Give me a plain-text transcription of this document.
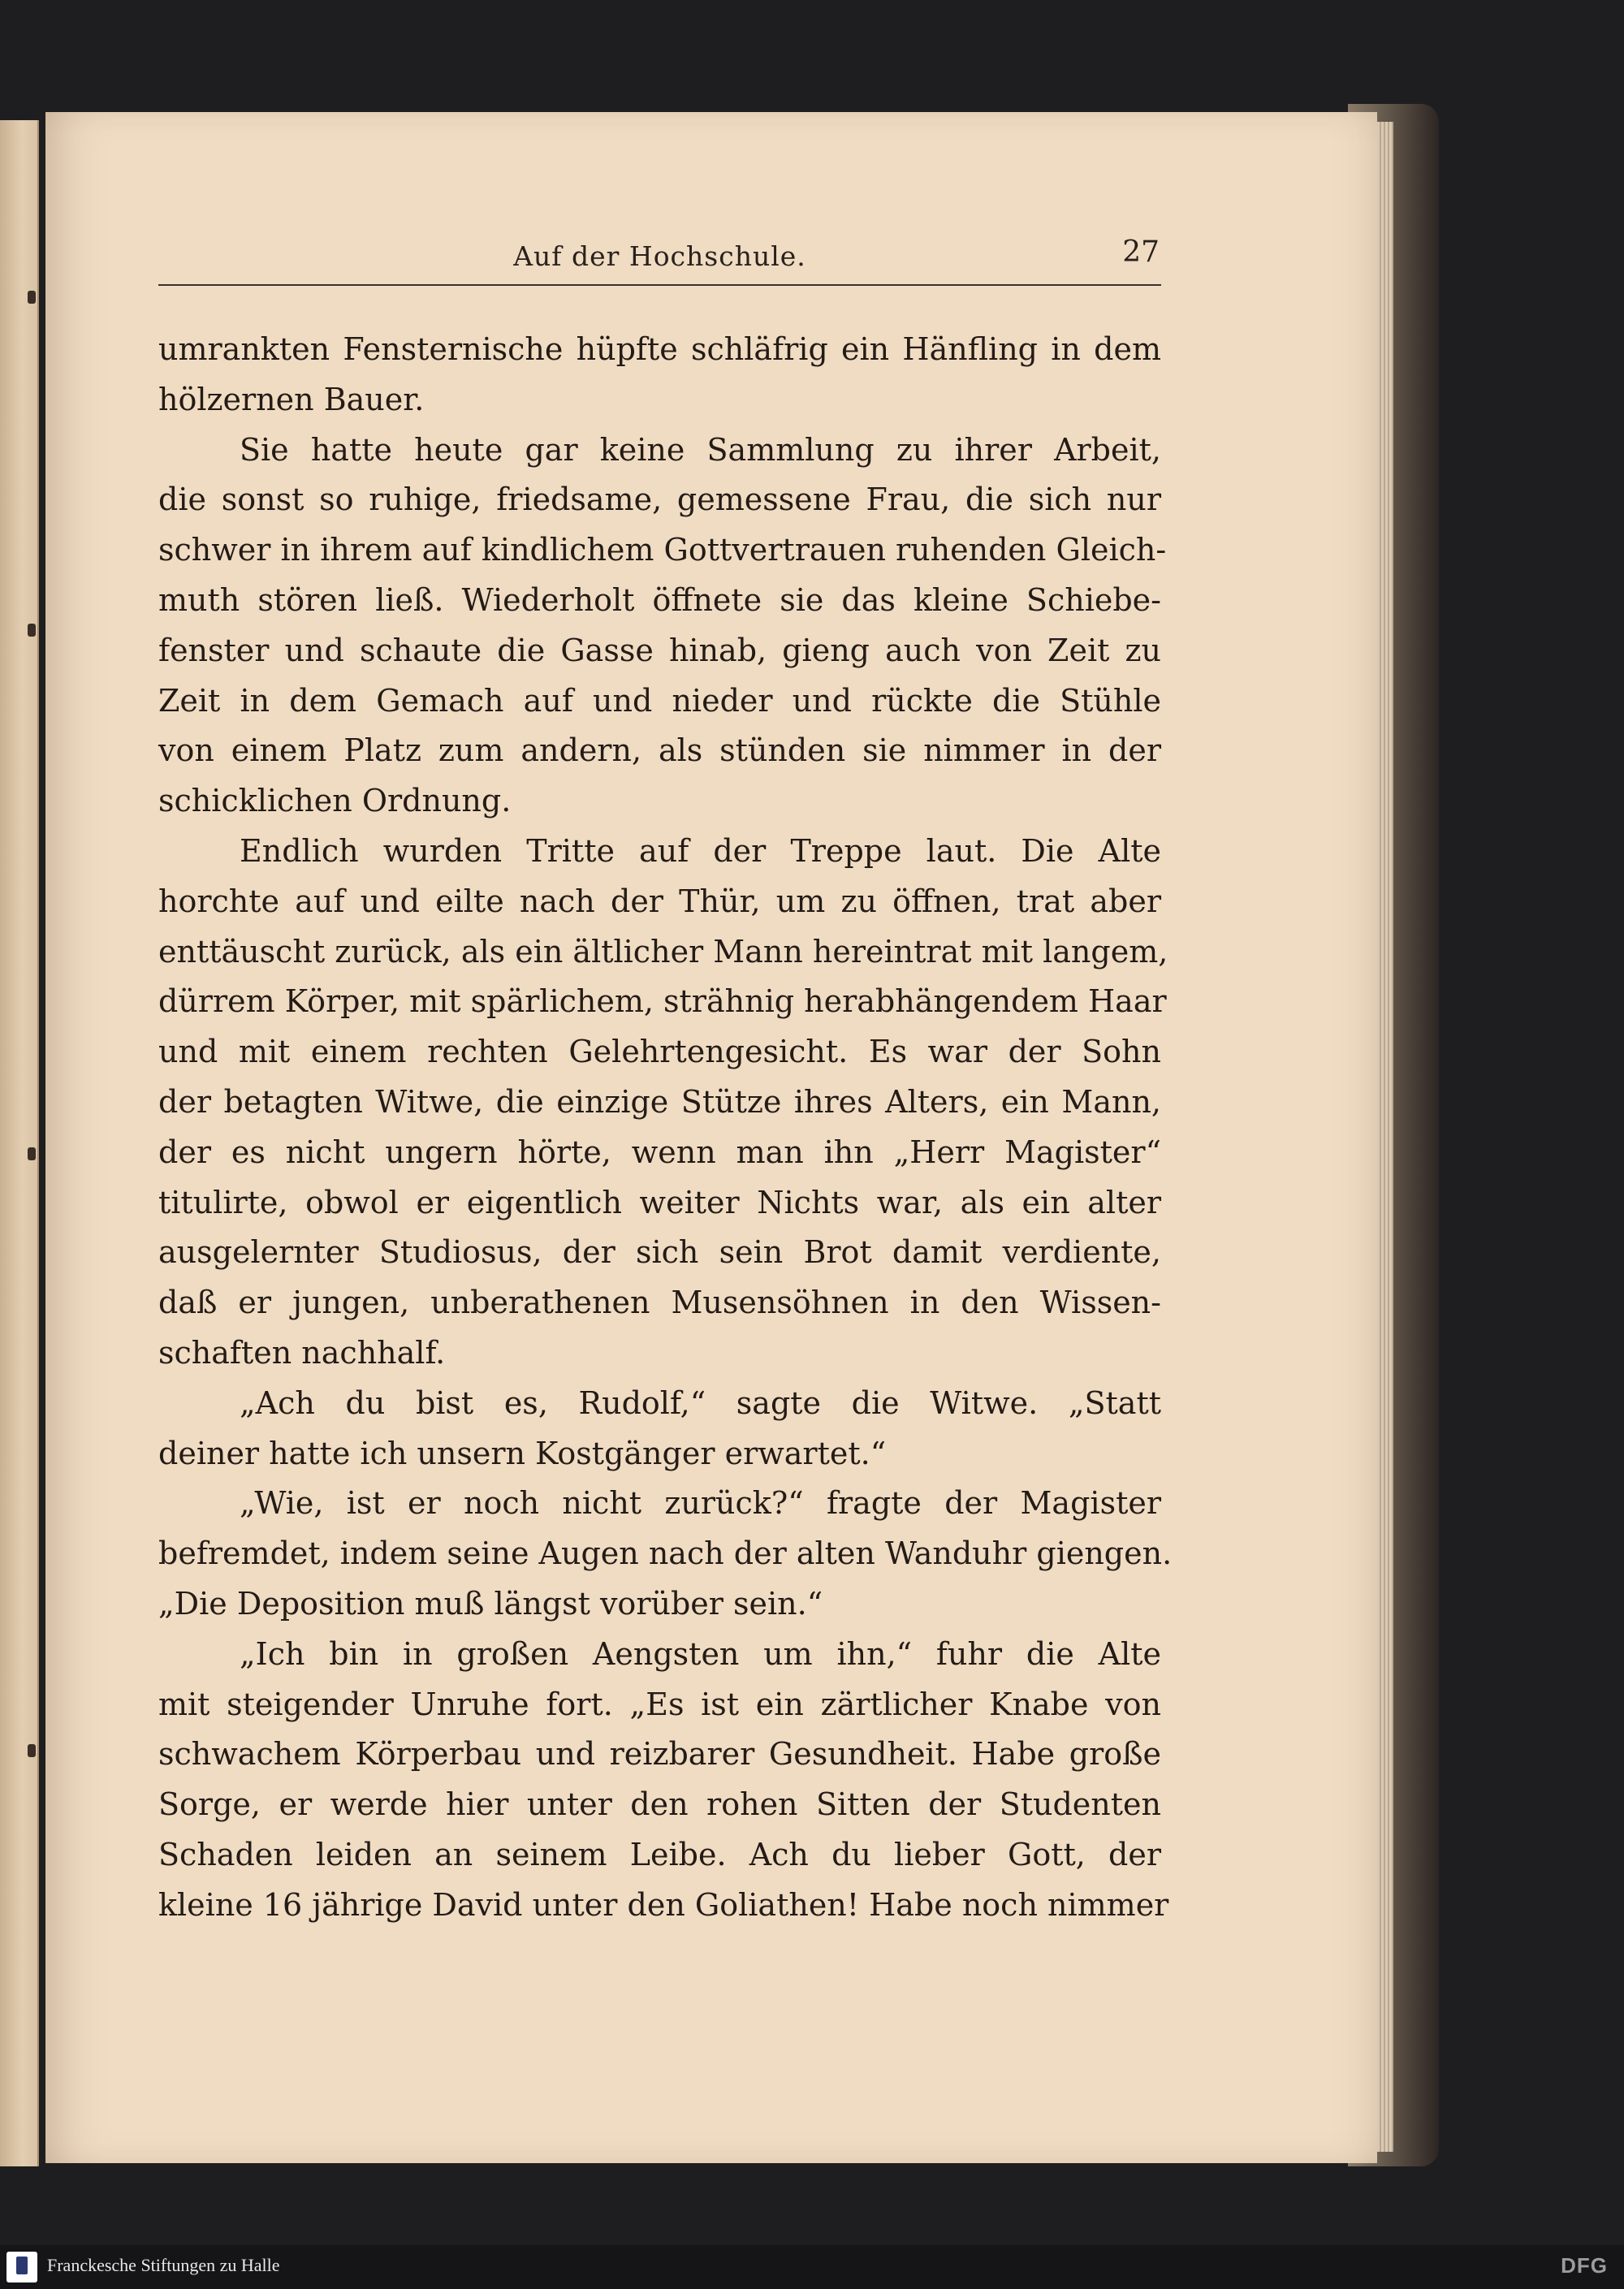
Auf der Hochschule.	27
umrankten Fensternische hüpfte schläfrig ein Hänfling in dem
hölzernen Bauer.
Sie hatte heute gar keine Sammlung zu ihrer Arbeit,
die sonst so ruhige, friedsame, gemessene Frau, die sich nur
schwer in ihrem auf kindlichem Gottvertrauen ruhenden Gleich-
muth stören ließ. Wiederholt öffnete sie das kleine Schiebe-
fenster und schaute die Gasse hinab, gieng auch von Zeit zu
Zeit in dem Gemach auf und nieder und rückte die Stühle
von einem Platz zum andern, als stünden sie nimmer in der
schicklichen Ordnung.
Endlich wurden Tritte auf der Treppe laut. Die Alte
horchte auf und eilte nach der Thür, um zu öffnen, trat aber
enttäuscht zurück, als ein ältlicher Mann hereintrat mit langem,
dürrem Körper, mit spärlichem, strähnig herabhängendem Haar
und mit einem rechten Gelehrtengesicht. Es war der Sohn
der betagten Witwe, die einzige Stütze ihres Alters, ein Mann,
der es nicht ungern hörte, wenn man ihn „Herr Magister“
titulirte, obwol er eigentlich weiter Nichts war, als ein alter
ausgelernter Studiosus, der sich sein Brot damit verdiente,
daß er jungen, unberathenen Musensöhnen in den Wissen-
schaften nachhalf.
„Ach du bist es, Rudolf,“ sagte die Witwe. „Statt
deiner hatte ich unsern Kostgänger erwartet.“
„Wie, ist er noch nicht zurück?“ fragte der Magister
befremdet, indem seine Augen nach der alten Wanduhr giengen.
„Die Deposition muß längst vorüber sein.“
„Ich bin in großen Aengsten um ihn,“ fuhr die Alte
mit steigender Unruhe fort. „Es ist ein zärtlicher Knabe von
schwachem Körperbau und reizbarer Gesundheit. Habe große
Sorge, er werde hier unter den rohen Sitten der Studenten
Schaden leiden an seinem Leibe. Ach du lieber Gott, der
kleine 16 jährige David unter den Goliathen! Habe noch nimmer
Franckesche Stiftungen zu Halle	DFG
